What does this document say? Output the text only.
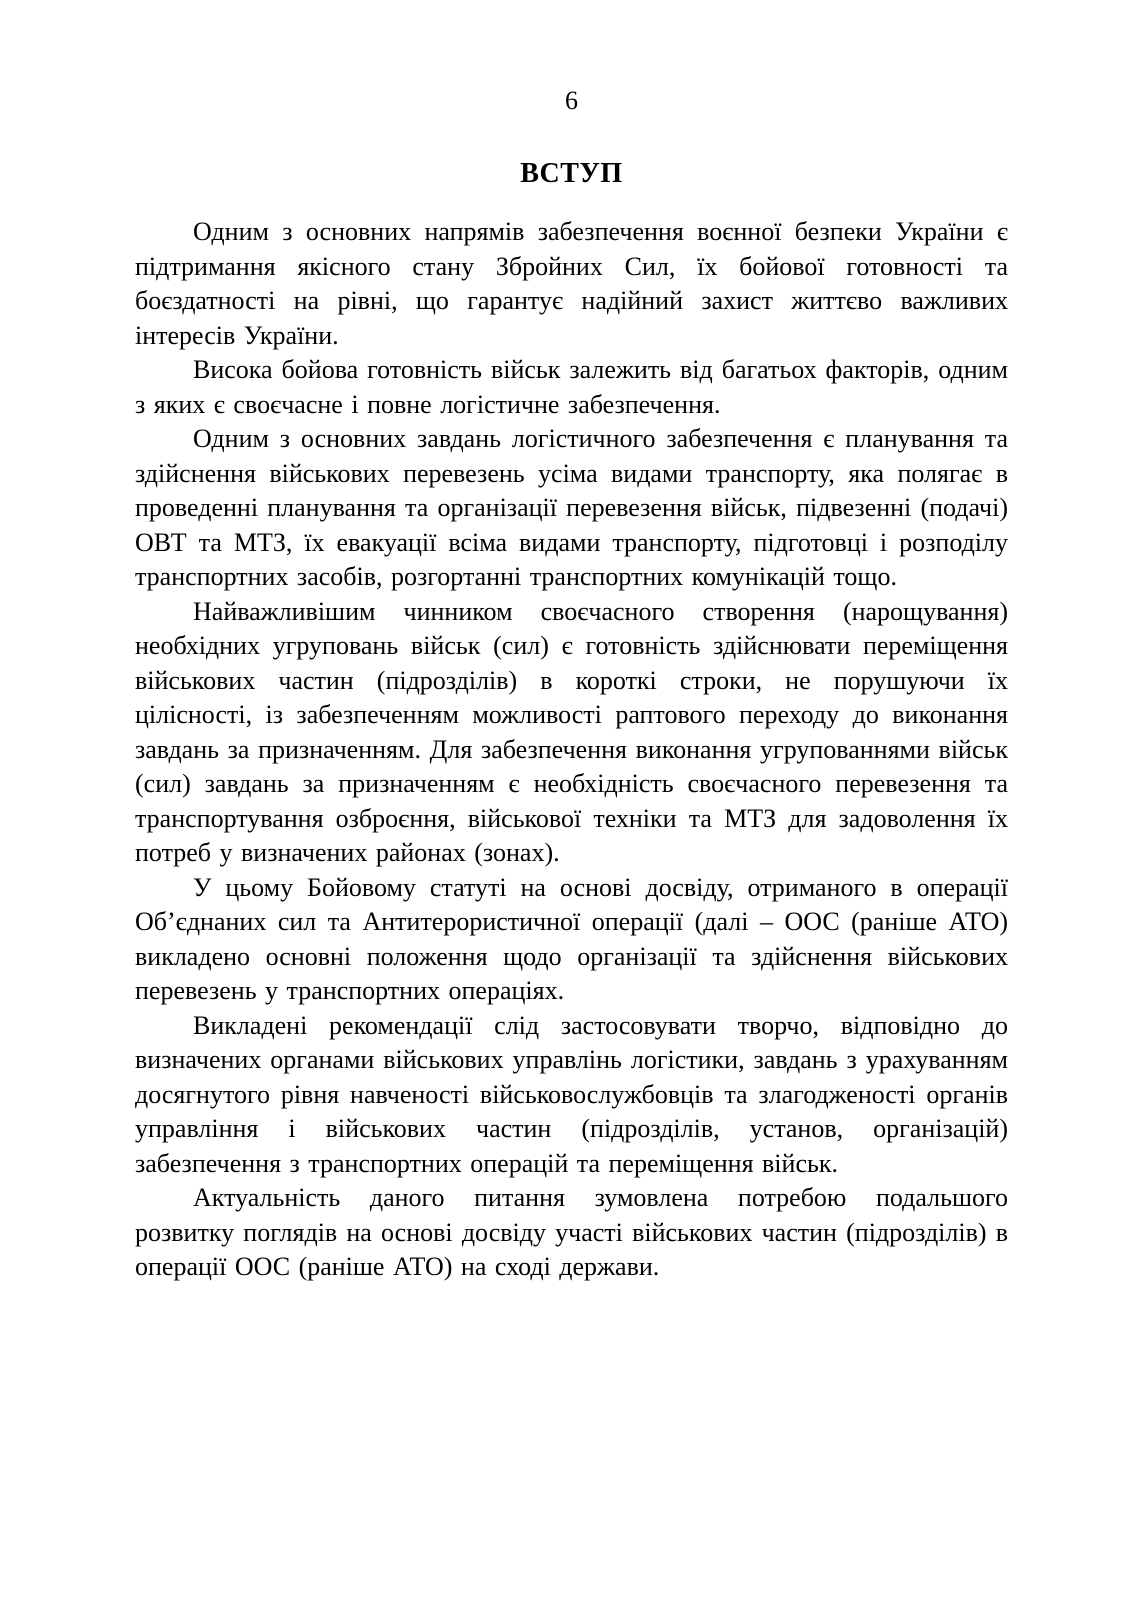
6
ВСТУП

Одним з основних напрямів забезпечення воєнної безпеки України є підтримання якісного стану Збройних Сил, їх бойової готовності та боєздатності на рівні, що гарантує надійний захист життєво важливих інтересів України.

Висока бойова готовність військ залежить від багатьох факторів, одним з яких є своєчасне і повне логістичне забезпечення.

Одним з основних завдань логістичного забезпечення є планування та здійснення військових перевезень усіма видами транспорту, яка полягає в проведенні планування та організації перевезення військ, підвезенні (подачі) ОВТ та МТЗ, їх евакуації всіма видами транспорту, підготовці і розподілу транспортних засобів, розгортанні транспортних комунікацій тощо.

Найважливішим чинником своєчасного створення (нарощування) необхідних угруповань військ (сил) є готовність здійснювати переміщення військових частин (підрозділів) в короткі строки, не порушуючи їх цілісності, із забезпеченням можливості раптового переходу до виконання завдань за призначенням. Для забезпечення виконання угрупованнями військ (сил) завдань за призначенням є необхідність своєчасного перевезення та транспортування озброєння, військової техніки та МТЗ для задоволення їх потреб у визначених районах (зонах).

У цьому Бойовому статуті на основі досвіду, отриманого в операції Об’єднаних сил та Антитерористичної операції (далі – ООС (раніше АТО) викладено основні положення щодо організації та здійснення військових перевезень у транспортних операціях.

Викладені рекомендації слід застосовувати творчо, відповідно до визначених органами військових управлінь логістики, завдань з урахуванням досягнутого рівня навченості військовослужбовців та злагодженості органів управління і військових частин (підрозділів, установ, організацій) забезпечення з транспортних операцій та переміщення військ.

Актуальність даного питання зумовлена потребою подальшого розвитку поглядів на основі досвіду участі військових частин (підрозділів) в операції ООС (раніше АТО) на сході держави.
